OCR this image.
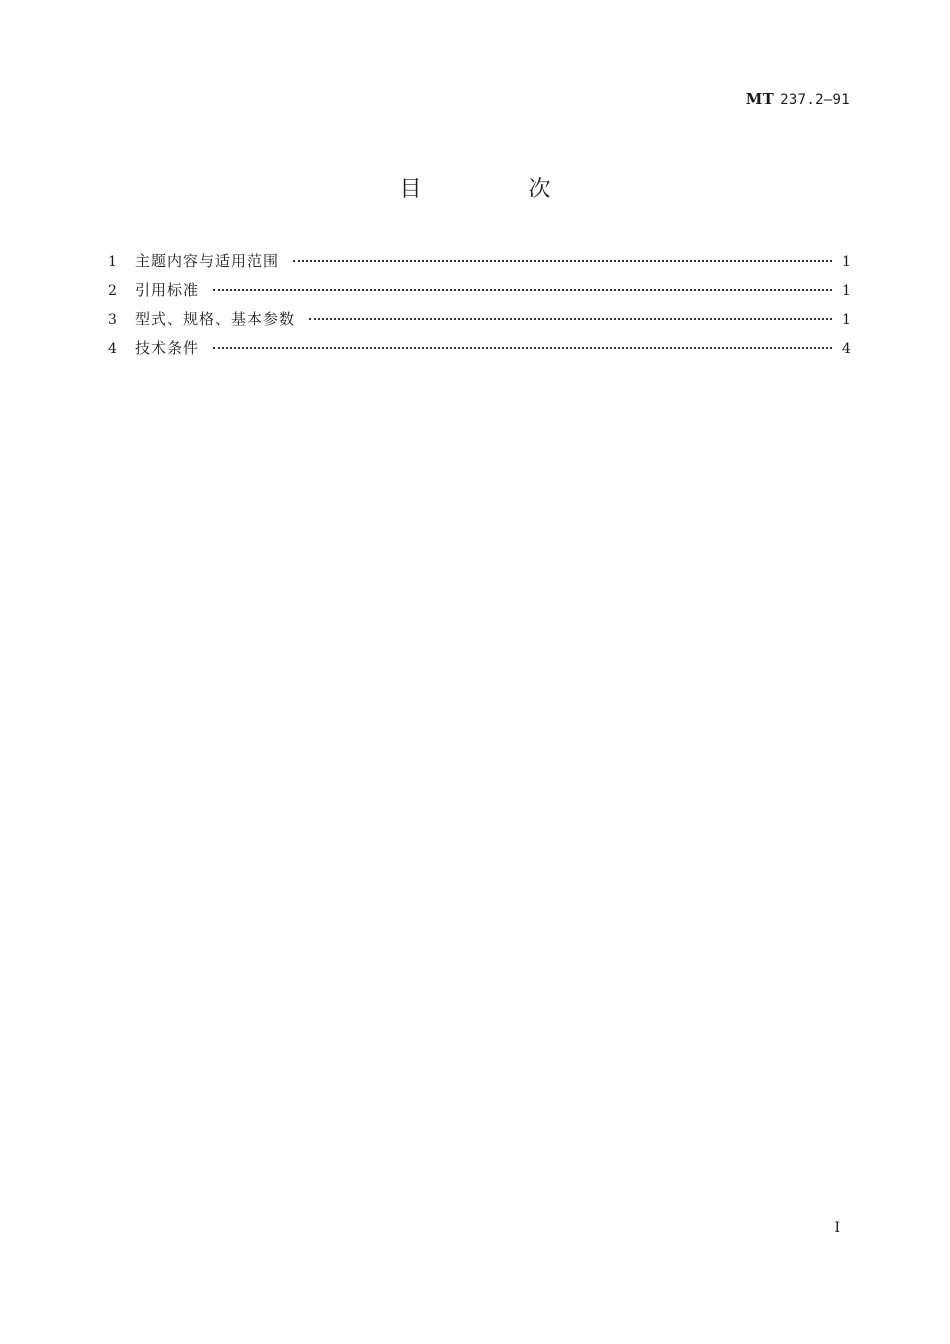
MT 237.2—91
目 次
1	主题内容与适用范围	1
2	引用标准	1
3	型式、规格、基本参数	1
4	技术条件	4
I
